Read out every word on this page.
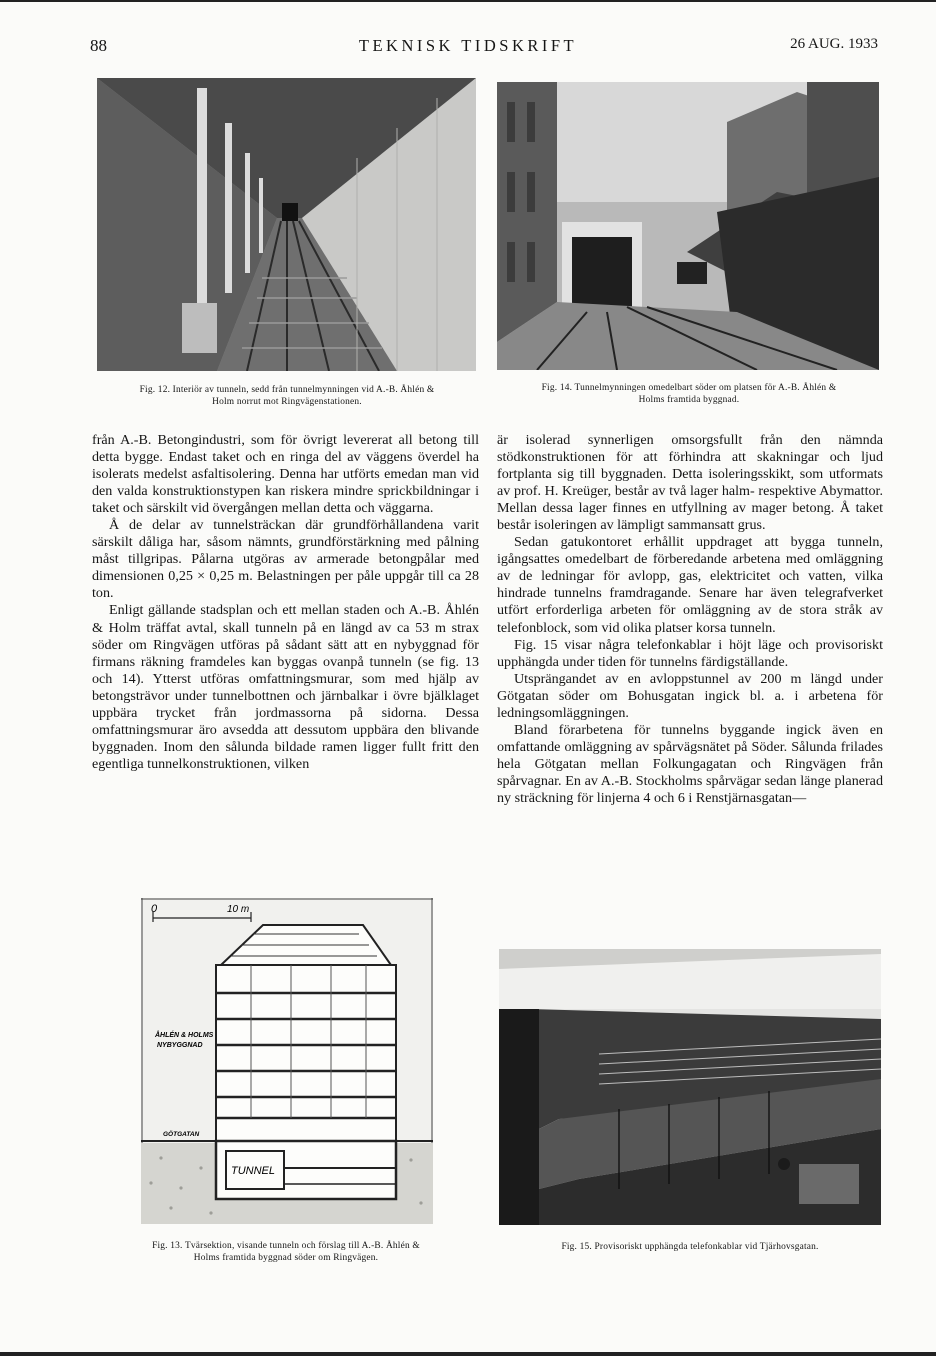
88	TEKNISK TIDSKRIFT	26 AUG. 1933
Fig. 12. Interiör av tunneln, sedd från tunnelmynningen vid A.-B. Åhlén &
Holm norrut mot Ringvägenstationen.
Fig. 14. Tunnelmynningen omedelbart söder om platsen för A.-B. Åhlén &
Holms framtida byggnad.

från A.-B. Betongindustri, som för övrigt levererat all betong till detta bygge. Endast taket och en ringa del av väggens överdel ha isolerats medelst asfaltisolering. Denna har utförts emedan man vid den valda konstruktionstypen kan riskera mindre sprickbildningar i taket och särskilt vid övergången mellan detta och väggarna.

Å de delar av tunnelsträckan där grundförhållandena varit särskilt dåliga har, såsom nämnts, grundförstärkning med pålning måst tillgripas. Pålarna utgöras av armerade betongpålar med dimensionen 0,25 × 0,25 m. Belastningen per påle uppgår till ca 28 ton.

Enligt gällande stadsplan och ett mellan staden och A.-B. Åhlén & Holm träffat avtal, skall tunneln på en längd av ca 53 m strax söder om Ringvägen utföras på sådant sätt att en nybyggnad för firmans räkning framdeles kan byggas ovanpå tunneln (se fig. 13 och 14). Ytterst utföras omfattningsmurar, som med hjälp av betongsträvor under tunnelbottnen och järnbalkar i övre bjälklaget uppbära trycket från jordmassorna på sidorna. Dessa omfattningsmurar äro avsedda att dessutom uppbära den blivande byggnaden. Inom den sålunda bildade ramen ligger fullt fritt den egentliga tunnelkonstruktionen, vilken

är isolerad synnerligen omsorgsfullt från den nämnda stödkonstruktionen för att förhindra att skakningar och ljud fortplanta sig till byggnaden. Detta isoleringsskikt, som utformats av prof. H. Kreüger, består av två lager halm- respektive Abymattor. Mellan dessa lager finnes en utfyllning av mager betong. Å taket består isoleringen av lämpligt sammansatt grus.

Sedan gatukontoret erhållit uppdraget att bygga tunneln, igångsattes omedelbart de förberedande arbetena med omläggning av de ledningar för avlopp, gas, elektricitet och vatten, vilka hindrade tunnelns framdragande. Senare har även telegrafverket utfört erforderliga arbeten för omläggning av de stora stråk av telefonblock, som vid olika platser korsa tunneln.

Fig. 15 visar några telefonkablar i höjt läge och provisoriskt upphängda under tiden för tunnelns färdigställande.

Utsprängandet av en avloppstunnel av 200 m längd under Götgatan söder om Bohusgatan ingick bl. a. i arbetena för ledningsomläggningen.

Bland förarbetena för tunnelns byggande ingick även en omfattande omläggning av spårvägsnätet på Söder. Sålunda frilades hela Götgatan mellan Folkungagatan och Ringvägen från spårvagnar. En av A.-B. Stockholms spårvägar sedan länge planerad ny sträckning för linjerna 4 och 6 i Renstjärnasgatan—

0	10 m
ÅHLÉN & HOLMS
NYBYGGNAD
GÖTGATAN
TUNNEL
Fig. 13. Tvärsektion, visande tunneln och förslag till A.-B. Åhlén &
Holms framtida byggnad söder om Ringvägen.
Fig. 15. Provisoriskt upphängda telefonkablar vid Tjärhovsgatan.
